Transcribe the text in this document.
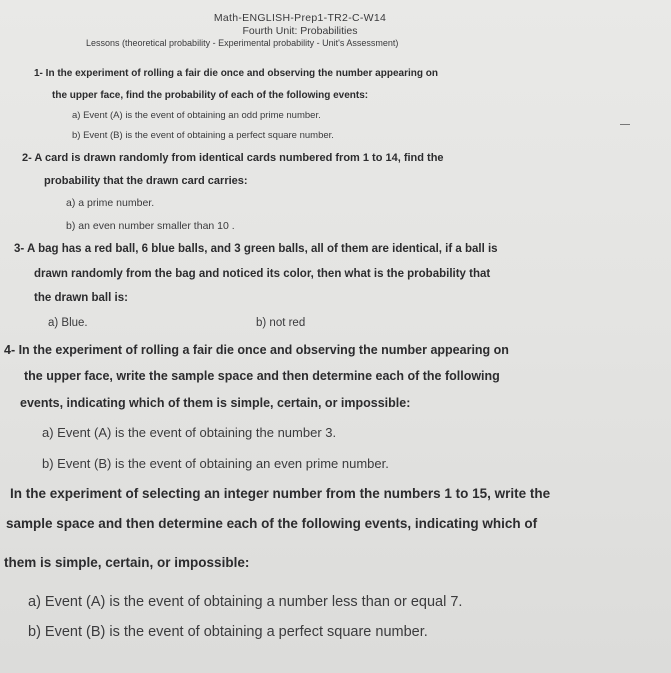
Math-ENGLISH-Prep1-TR2-C-W14
Fourth Unit: Probabilities
Lessons (theoretical probability - Experimental probability - Unit's Assessment)
1- In the experiment of rolling a fair die once and observing the number appearing on
the upper face, find the probability of each of the following events:
a) Event (A) is the event of obtaining an odd prime number.
b) Event (B) is the event of obtaining a perfect square number.
2- A card is drawn randomly from identical cards numbered from 1 to 14, find the
probability that the drawn card carries:
a) a prime number.
b) an even number smaller than 10 .
3- A bag has a red ball, 6 blue balls, and 3 green balls, all of them are identical, if a ball is
drawn randomly from the bag and noticed its color, then what is the probability that
the drawn ball is:
a) Blue.	b) not red
4- In the experiment of rolling a fair die once and observing the number appearing on
the upper face, write the sample space and then determine each of the following
events, indicating which of them is simple, certain, or impossible:
a) Event (A) is the event of obtaining the number 3.
b) Event (B) is the event of obtaining an even prime number.
In the experiment of selecting an integer number from the numbers 1 to 15, write the
sample space and then determine each of the following events, indicating which of
them is simple, certain, or impossible:
a) Event (A) is the event of obtaining a number less than or equal 7.
b) Event (B) is the event of obtaining a perfect square number.
